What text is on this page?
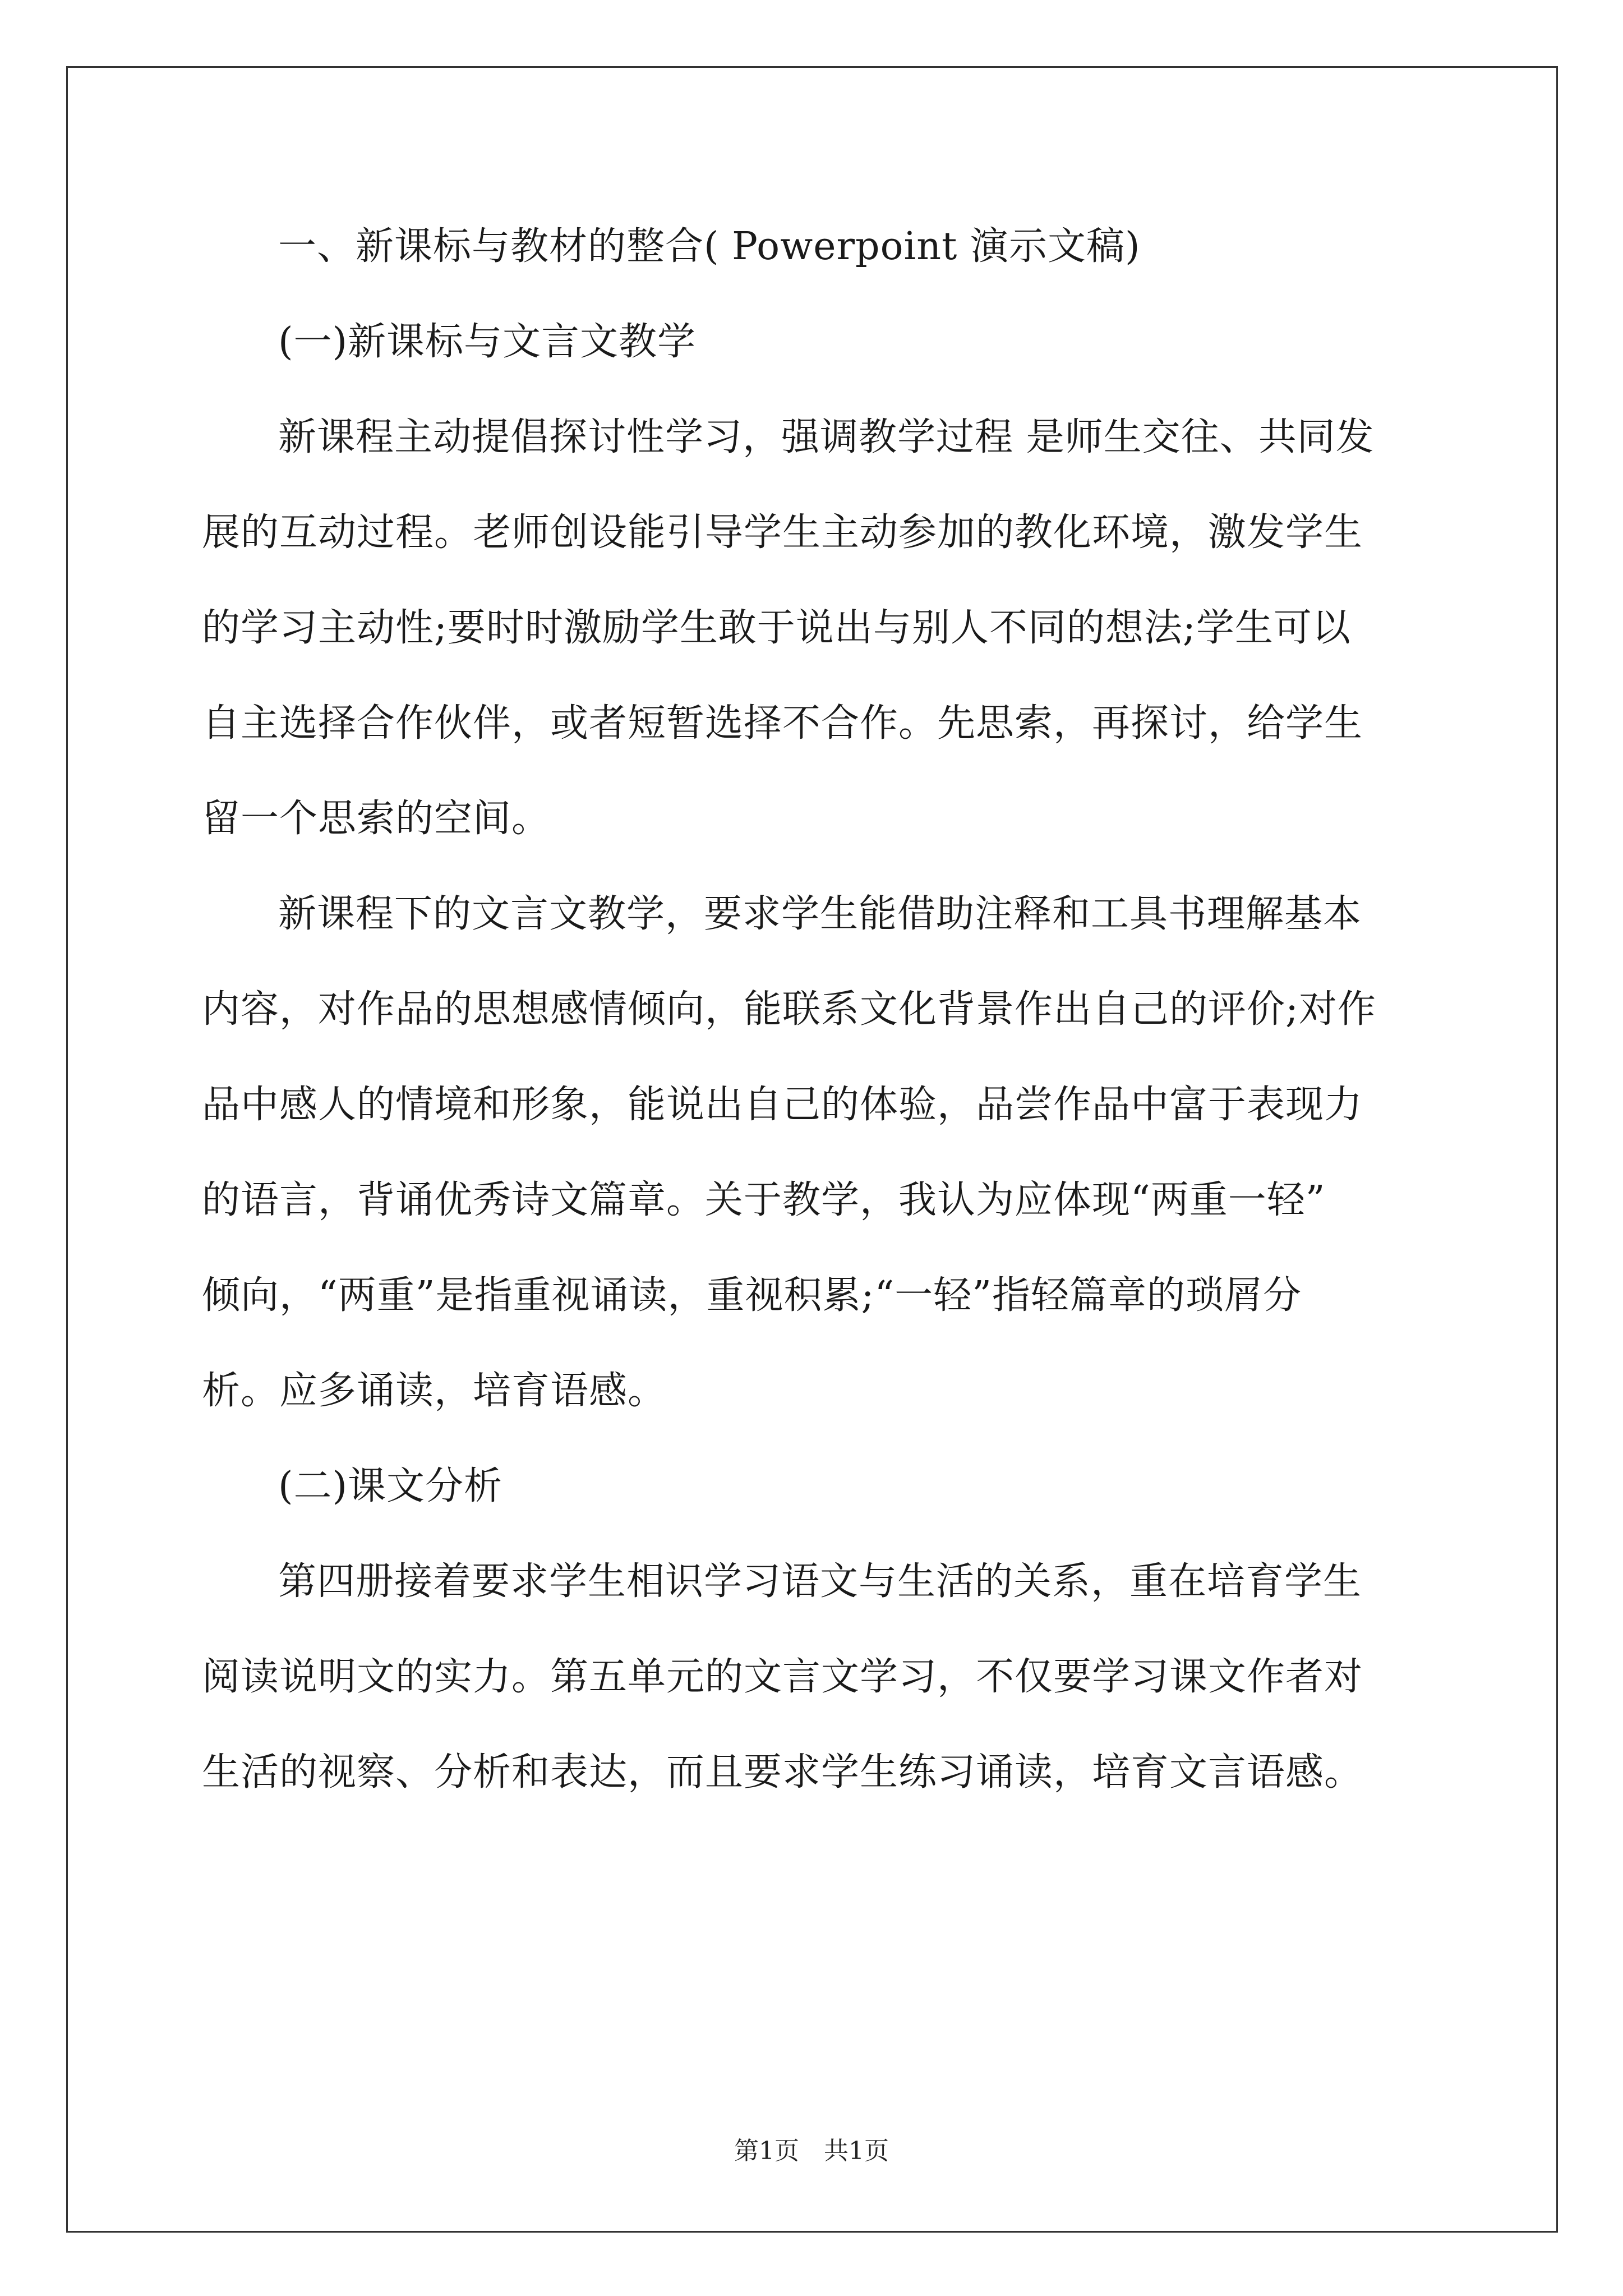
一、新课标与教材的整合( Powerpoint 演示文稿)
(一)新课标与文言文教学
新课程主动提倡探讨性学习，强调教学过程 是师生交往、共同发
展的互动过程。老师创设能引导学生主动参加的教化环境，激发学生
的学习主动性;要时时激励学生敢于说出与别人不同的想法;学生可以
自主选择合作伙伴，或者短暂选择不合作。先思索，再探讨，给学生
留一个思索的空间。
新课程下的文言文教学，要求学生能借助注释和工具书理解基本
内容，对作品的思想感情倾向，能联系文化背景作出自己的评价;对作
品中感人的情境和形象，能说出自己的体验，品尝作品中富于表现力
的语言，背诵优秀诗文篇章。关于教学，我认为应体现“两重一轻”
倾向，“两重”是指重视诵读，重视积累;“一轻”指轻篇章的琐屑分
析。应多诵读，培育语感。
(二)课文分析
第四册接着要求学生相识学习语文与生活的关系，重在培育学生
阅读说明文的实力。第五单元的文言文学习，不仅要学习课文作者对
生活的视察、分析和表达，而且要求学生练习诵读，培育文言语感。
第1页 共1页
